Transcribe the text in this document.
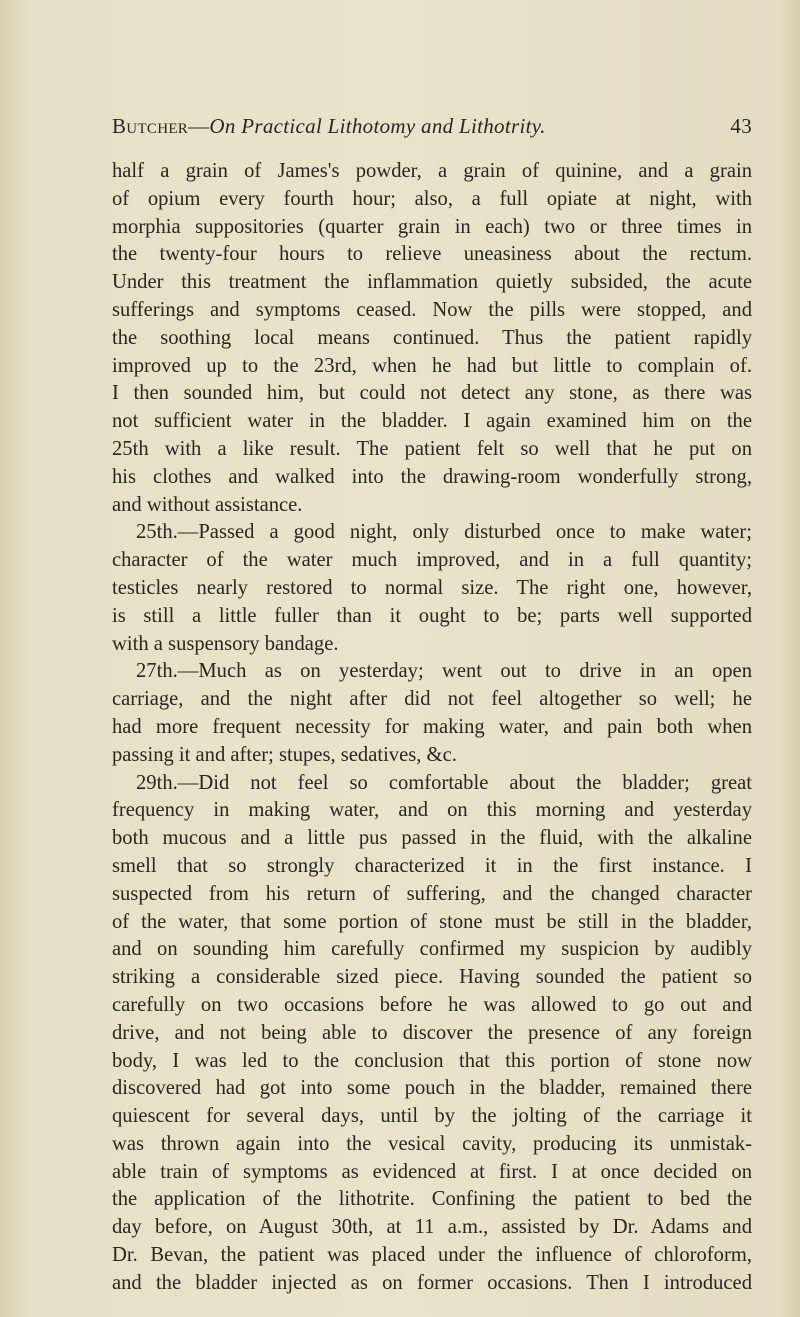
Butcher—On Practical Lithotomy and Lithotrity.	43
half a grain of James's powder, a grain of quinine, and a grain
of opium every fourth hour; also, a full opiate at night, with
morphia suppositories (quarter grain in each) two or three times in
the twenty-four hours to relieve uneasiness about the rectum.
Under this treatment the inflammation quietly subsided, the acute
sufferings and symptoms ceased. Now the pills were stopped, and
the soothing local means continued. Thus the patient rapidly
improved up to the 23rd, when he had but little to complain of.
I then sounded him, but could not detect any stone, as there was
not sufficient water in the bladder. I again examined him on the
25th with a like result. The patient felt so well that he put on
his clothes and walked into the drawing-room wonderfully strong,
and without assistance.
25th.—Passed a good night, only disturbed once to make water;
character of the water much improved, and in a full quantity;
testicles nearly restored to normal size. The right one, however,
is still a little fuller than it ought to be; parts well supported
with a suspensory bandage.
27th.—Much as on yesterday; went out to drive in an open
carriage, and the night after did not feel altogether so well; he
had more frequent necessity for making water, and pain both when
passing it and after; stupes, sedatives, &c.
29th.—Did not feel so comfortable about the bladder; great
frequency in making water, and on this morning and yesterday
both mucous and a little pus passed in the fluid, with the alkaline
smell that so strongly characterized it in the first instance. I
suspected from his return of suffering, and the changed character
of the water, that some portion of stone must be still in the bladder,
and on sounding him carefully confirmed my suspicion by audibly
striking a considerable sized piece. Having sounded the patient so
carefully on two occasions before he was allowed to go out and
drive, and not being able to discover the presence of any foreign
body, I was led to the conclusion that this portion of stone now
discovered had got into some pouch in the bladder, remained there
quiescent for several days, until by the jolting of the carriage it
was thrown again into the vesical cavity, producing its unmistak-
able train of symptoms as evidenced at first. I at once decided on
the application of the lithotrite. Confining the patient to bed the
day before, on August 30th, at 11 a.m., assisted by Dr. Adams and
Dr. Bevan, the patient was placed under the influence of chloroform,
and the bladder injected as on former occasions. Then I introduced
